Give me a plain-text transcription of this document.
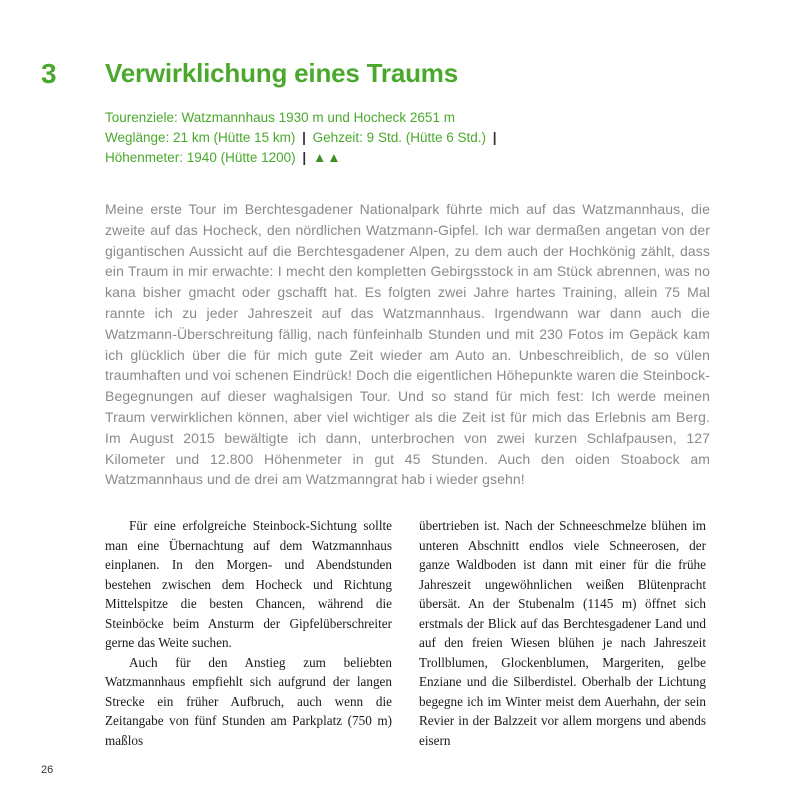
3 Verwirklichung eines Traums
Tourenziele: Watzmannhaus 1930 m und Hocheck 2651 m
Weglänge: 21 km (Hütte 15 km) | Gehzeit: 9 Std. (Hütte 6 Std.) |
Höhenmeter: 1940 (Hütte 1200) | ▲▲
Meine erste Tour im Berchtesgadener Nationalpark führte mich auf das Watzmannhaus, die zweite auf das Hocheck, den nördlichen Watzmann-Gipfel. Ich war dermaßen angetan von der gigantischen Aussicht auf die Berchtesgadener Alpen, zu dem auch der Hochkönig zählt, dass ein Traum in mir erwachte: I mecht den kompletten Gebirgsstock in am Stück abrennen, was no kana bisher gmacht oder gschafft hat. Es folgten zwei Jahre hartes Training, allein 75 Mal rannte ich zu jeder Jahreszeit auf das Watzmannhaus. Irgendwann war dann auch die Watzmann-Überschreitung fällig, nach fünfeinhalb Stunden und mit 230 Fotos im Gepäck kam ich glücklich über die für mich gute Zeit wieder am Auto an. Unbeschreiblich, de so vülen traumhaften und voi schenen Eindrück! Doch die eigentlichen Höhepunkte waren die Steinbock-Begegnungen auf dieser waghalsigen Tour. Und so stand für mich fest: Ich werde meinen Traum verwirklichen können, aber viel wichtiger als die Zeit ist für mich das Erlebnis am Berg. Im August 2015 bewältigte ich dann, unterbrochen von zwei kurzen Schlafpausen, 127 Kilometer und 12.800 Höhenmeter in gut 45 Stunden. Auch den oiden Stoabock am Watzmannhaus und de drei am Watzmanngrat hab i wieder gsehn!

Für eine erfolgreiche Steinbock-Sichtung sollte man eine Übernachtung auf dem Watzmannhaus einplanen. In den Morgen- und Abendstunden bestehen zwischen dem Hocheck und Richtung Mittelspitze die besten Chancen, während die Steinböcke beim Ansturm der Gipfelüberschreiter gerne das Weite suchen.

Auch für den Anstieg zum beliebten Watzmannhaus empfiehlt sich aufgrund der langen Strecke ein früher Aufbruch, auch wenn die Zeitangabe von fünf Stunden am Parkplatz (750 m) maßlos

übertrieben ist. Nach der Schneeschmelze blühen im unteren Abschnitt endlos viele Schneerosen, der ganze Waldboden ist dann mit einer für die frühe Jahreszeit ungewöhnlichen weißen Blütenpracht übersät. An der Stubenalm (1145 m) öffnet sich erstmals der Blick auf das Berchtesgadener Land und auf den freien Wiesen blühen je nach Jahreszeit Trollblumen, Glockenblumen, Margeriten, gelbe Enziane und die Silberdistel. Oberhalb der Lichtung begegne ich im Winter meist dem Auerhahn, der sein Revier in der Balzzeit vor allem morgens und abends eisern

26
